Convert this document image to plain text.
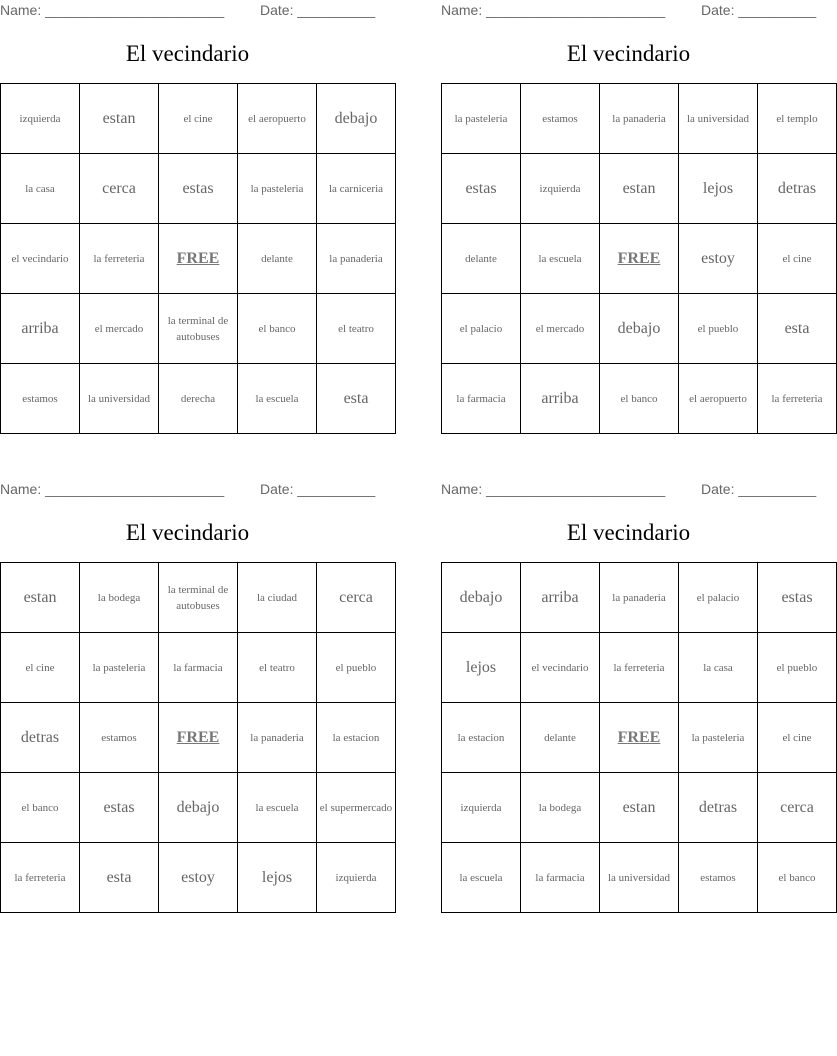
Name: _______________________	Date: __________
El vecindario
izquierda	estan	el cine	el aeropuerto	debajo
la casa	cerca	estas	la pasteleria	la carniceria
el vecindario	la ferreteria	FREE	delante	la panaderia
arriba	el mercado	la terminal de autobuses	el banco	el teatro
estamos	la universidad	derecha	la escuela	esta
Name: _______________________	Date: __________
El vecindario
la pasteleria	estamos	la panaderia	la universidad	el templo
estas	izquierda	estan	lejos	detras
delante	la escuela	FREE	estoy	el cine
el palacio	el mercado	debajo	el pueblo	esta
la farmacia	arriba	el banco	el aeropuerto	la ferreteria
Name: _______________________	Date: __________
El vecindario
estan	la bodega	la terminal de autobuses	la ciudad	cerca
el cine	la pasteleria	la farmacia	el teatro	el pueblo
detras	estamos	FREE	la panaderia	la estacion
el banco	estas	debajo	la escuela	el supermercado
la ferreteria	esta	estoy	lejos	izquierda
Name: _______________________	Date: __________
El vecindario
debajo	arriba	la panaderia	el palacio	estas
lejos	el vecindario	la ferreteria	la casa	el pueblo
la estacion	delante	FREE	la pasteleria	el cine
izquierda	la bodega	estan	detras	cerca
la escuela	la farmacia	la universidad	estamos	el banco
